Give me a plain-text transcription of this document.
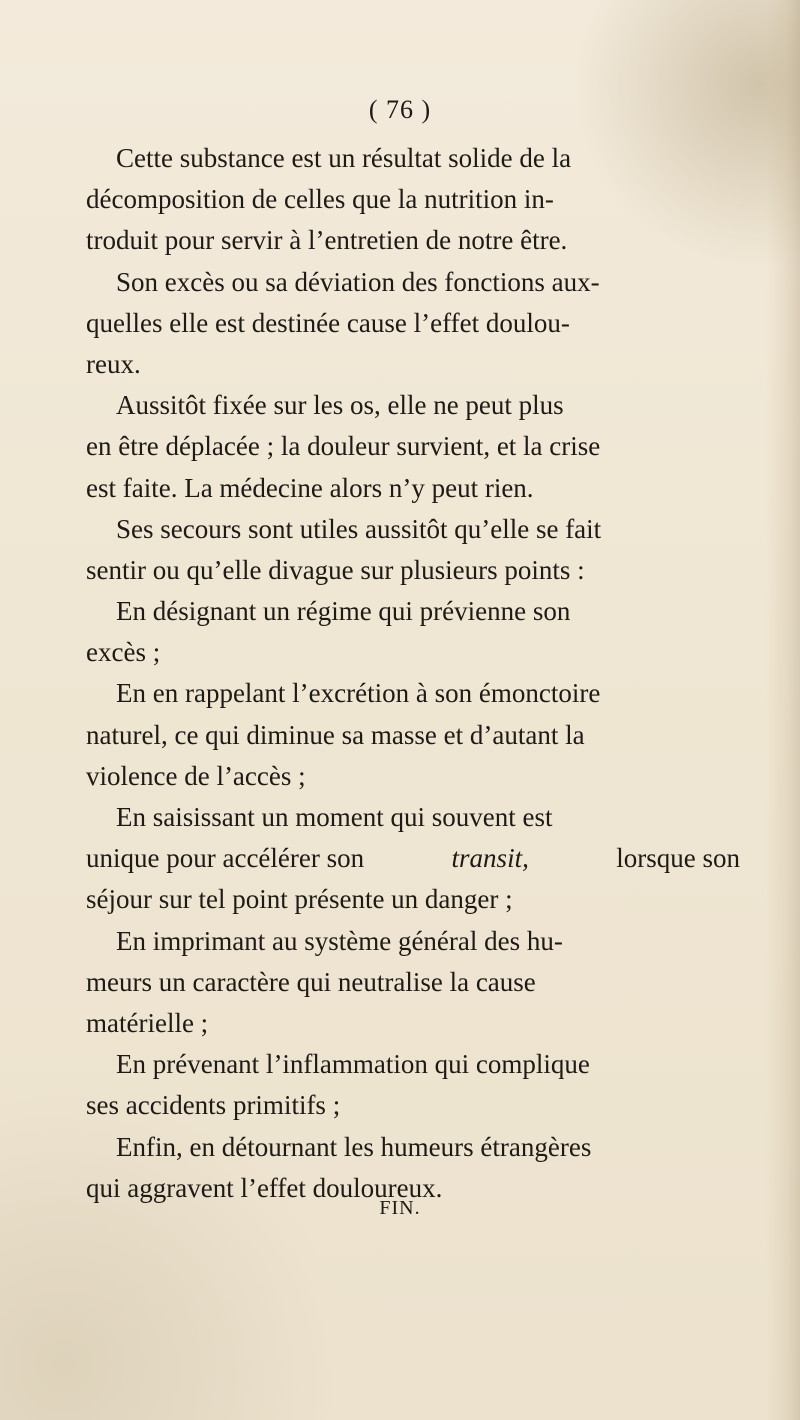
( 76 )
Cette substance est un résultat solide de la
décomposition de celles que la nutrition in-
troduit pour servir à l’entretien de notre être.
Son excès ou sa déviation des fonctions aux-
quelles elle est destinée cause l’effet doulou-
reux.
Aussitôt fixée sur les os, elle ne peut plus
en être déplacée ; la douleur survient, et la crise
est faite. La médecine alors n’y peut rien.
Ses secours sont utiles aussitôt qu’elle se fait
sentir ou qu’elle divague sur plusieurs points :
En désignant un régime qui prévienne son
excès ;
En en rappelant l’excrétion à son émonctoire
naturel, ce qui diminue sa masse et d’autant la
violence de l’accès ;
En saisissant un moment qui souvent est
unique pour accélérer son	transit,	lorsque son
séjour sur tel point présente un danger ;
En imprimant au système général des hu-
meurs un caractère qui neutralise la cause
matérielle ;
En prévenant l’inflammation qui complique
ses accidents primitifs ;
Enfin, en détournant les humeurs étrangères
qui aggravent l’effet douloureux.
FIN.
